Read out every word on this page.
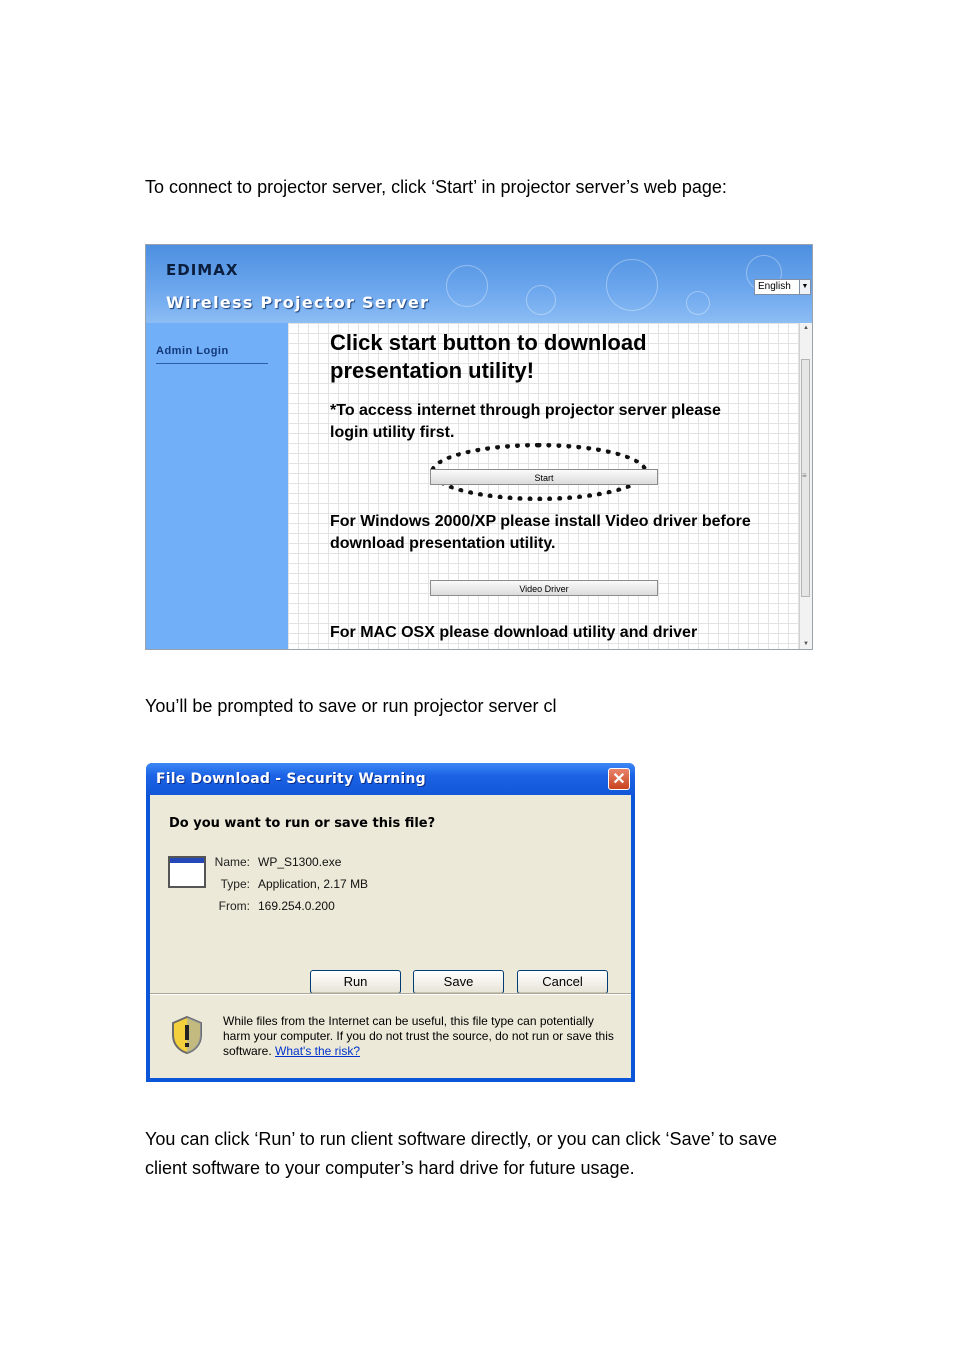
To connect to projector server, click ‘Start’ in projector server’s web page:

EDIMAX
Wireless Projector Server
English	▼
Admin Login
▲
≡
▼

Click start button to download presentation utility!

*To access internet through projector server please login utility first.

Start

For Windows 2000/XP please install Video driver before download presentation utility.

Video Driver

For MAC OSX please download utility and driver

You’ll be prompted to save or run projector server cl

File Download - Security Warning	✕
Do you want to run or save this file?
Name: WP_S1300.exe
Type: Application, 2.17 MB
From: 169.254.0.200
Run	Save	Cancel

While files from the Internet can be useful, this file type can potentially harm your computer. If you do not trust the source, do not run or save this software. What's the risk?

You can click ‘Run’ to run client software directly, or you can click ‘Save’ to save client software to your computer’s hard drive for future usage.
